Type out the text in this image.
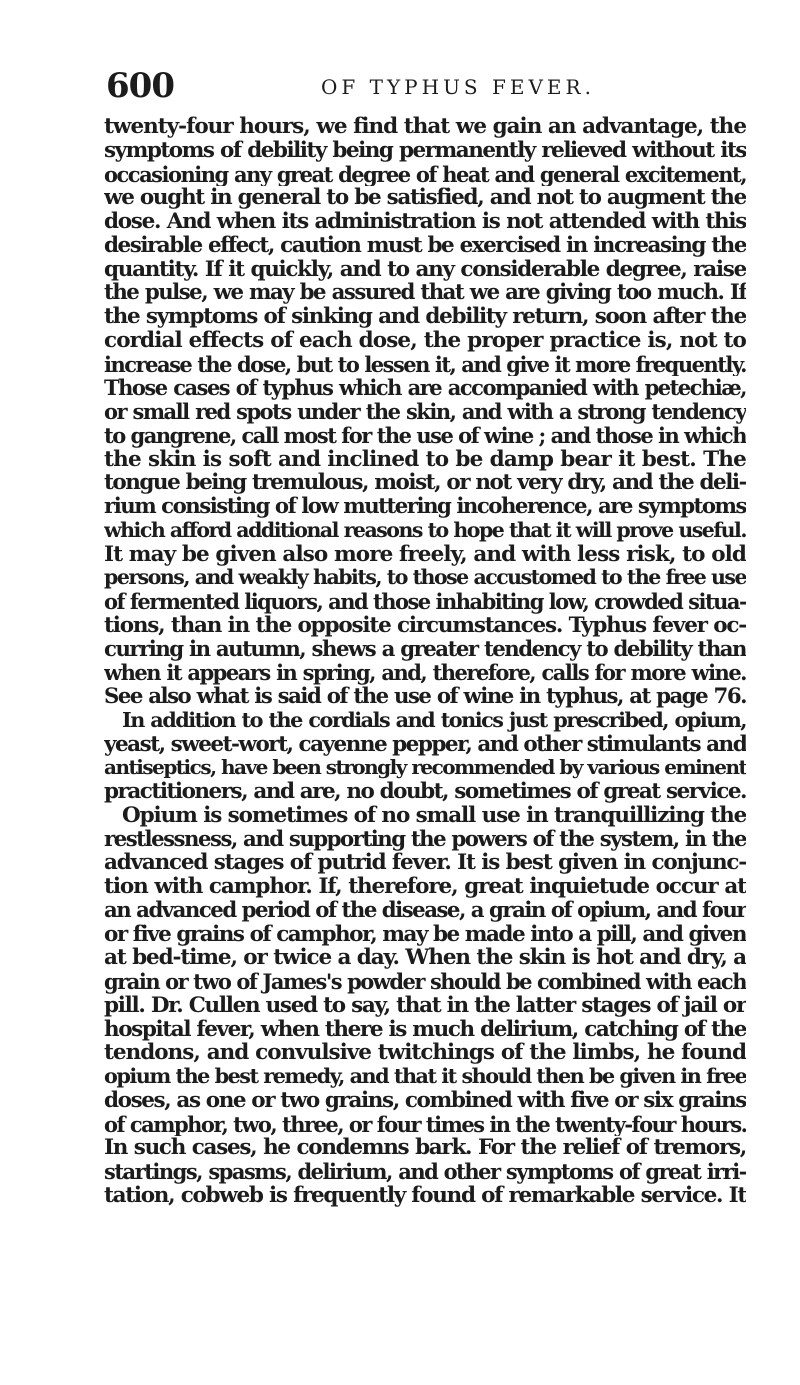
600	OF TYPHUS FEVER.
twenty-four hours, we find that we gain an advantage, the
symptoms of debility being permanently relieved without its
occasioning any great degree of heat and general excitement,
we ought in general to be satisfied, and not to augment the
dose. And when its administration is not attended with this
desirable effect, caution must be exercised in increasing the
quantity. If it quickly, and to any considerable degree, raise
the pulse, we may be assured that we are giving too much. If
the symptoms of sinking and debility return, soon after the
cordial effects of each dose, the proper practice is, not to
increase the dose, but to lessen it, and give it more frequently.
Those cases of typhus which are accompanied with petechiæ,
or small red spots under the skin, and with a strong tendency
to gangrene, call most for the use of wine ; and those in which
the skin is soft and inclined to be damp bear it best. The
tongue being tremulous, moist, or not very dry, and the deli-
rium consisting of low muttering incoherence, are symptoms
which afford additional reasons to hope that it will prove useful.
It may be given also more freely, and with less risk, to old
persons, and weakly habits, to those accustomed to the free use
of fermented liquors, and those inhabiting low, crowded situa-
tions, than in the opposite circumstances. Typhus fever oc-
curring in autumn, shews a greater tendency to debility than
when it appears in spring, and, therefore, calls for more wine.
See also what is said of the use of wine in typhus, at page 76.
In addition to the cordials and tonics just prescribed, opium,
yeast, sweet-wort, cayenne pepper, and other stimulants and
antiseptics, have been strongly recommended by various eminent
practitioners, and are, no doubt, sometimes of great service.
Opium is sometimes of no small use in tranquillizing the
restlessness, and supporting the powers of the system, in the
advanced stages of putrid fever. It is best given in conjunc-
tion with camphor. If, therefore, great inquietude occur at
an advanced period of the disease, a grain of opium, and four
or five grains of camphor, may be made into a pill, and given
at bed-time, or twice a day. When the skin is hot and dry, a
grain or two of James's powder should be combined with each
pill. Dr. Cullen used to say, that in the latter stages of jail or
hospital fever, when there is much delirium, catching of the
tendons, and convulsive twitchings of the limbs, he found
opium the best remedy, and that it should then be given in free
doses, as one or two grains, combined with five or six grains
of camphor, two, three, or four times in the twenty-four hours.
In such cases, he condemns bark. For the relief of tremors,
startings, spasms, delirium, and other symptoms of great irri-
tation, cobweb is frequently found of remarkable service. It
